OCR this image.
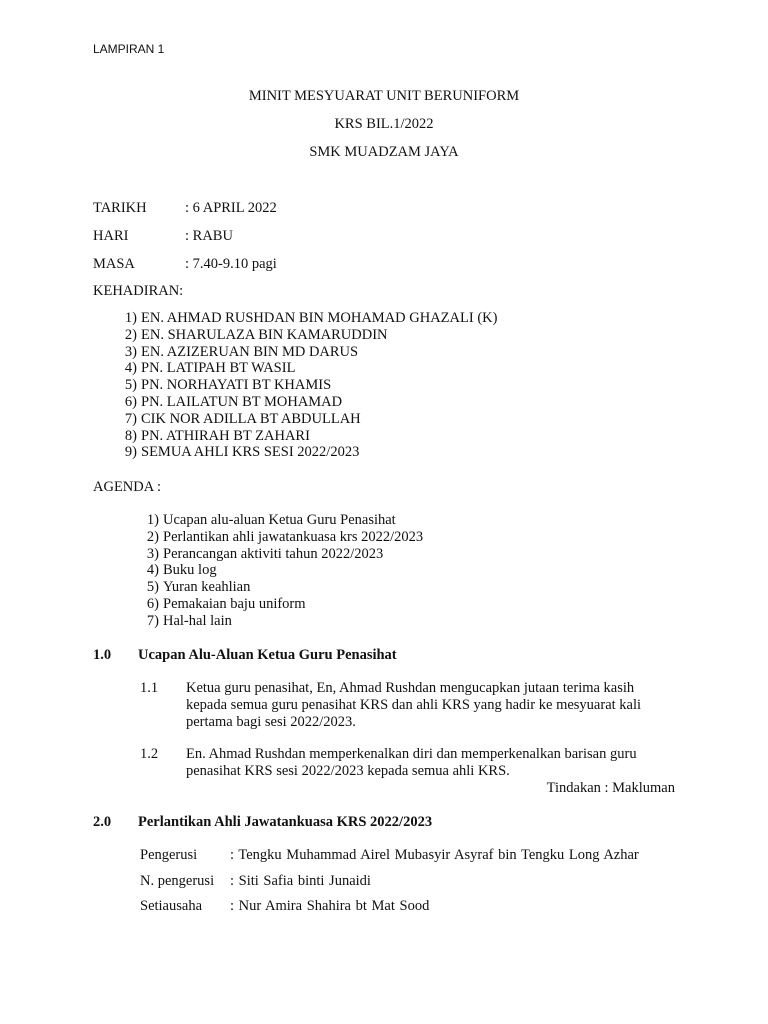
LAMPIRAN 1
MINIT MESYUARAT UNIT BERUNIFORM
KRS BIL.1/2022
SMK MUADZAM JAYA
TARIKH	: 6 APRIL 2022
HARI	: RABU
MASA	: 7.40-9.10 pagi
KEHADIRAN:
1) EN. AHMAD RUSHDAN BIN MOHAMAD GHAZALI (K)
2) EN. SHARULAZA BIN KAMARUDDIN
3) EN. AZIZERUAN BIN MD DARUS
4) PN. LATIPAH BT WASIL
5) PN. NORHAYATI BT KHAMIS
6) PN. LAILATUN BT MOHAMAD
7) CIK NOR ADILLA BT ABDULLAH
8) PN. ATHIRAH BT ZAHARI
9) SEMUA AHLI KRS SESI 2022/2023
AGENDA :
1) Ucapan alu-aluan Ketua Guru Penasihat
2) Perlantikan ahli jawatankuasa krs 2022/2023
3) Perancangan aktiviti tahun 2022/2023
4) Buku log
5) Yuran keahlian
6) Pemakaian baju uniform
7) Hal-hal lain
1.0 Ucapan Alu-Aluan Ketua Guru Penasihat
1.1 Ketua guru penasihat, En, Ahmad Rushdan mengucapkan jutaan terima kasih kepada semua guru penasihat KRS dan ahli KRS yang hadir ke mesyuarat kali pertama bagi sesi 2022/2023.
1.2 En. Ahmad Rushdan memperkenalkan diri dan memperkenalkan barisan guru penasihat KRS sesi 2022/2023 kepada semua ahli KRS.
Tindakan : Makluman
2.0 Perlantikan Ahli Jawatankuasa KRS 2022/2023
Pengerusi : Tengku Muhammad Airel Mubasyir Asyraf bin Tengku Long Azhar
N. pengerusi : Siti Safia binti Junaidi
Setiausaha : Nur Amira Shahira bt Mat Sood
